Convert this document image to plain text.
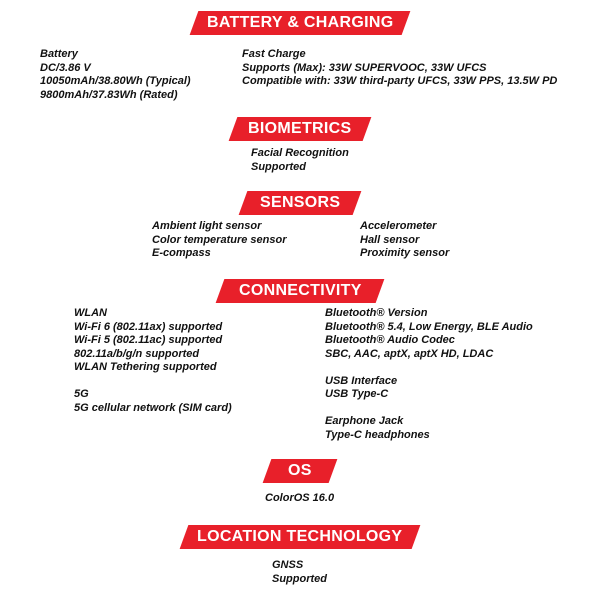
BATTERY & CHARGING
Battery
DC/3.86 V
10050mAh/38.80Wh (Typical)
9800mAh/37.83Wh (Rated)
Fast Charge
Supports (Max): 33W SUPERVOOC, 33W UFCS
Compatible with: 33W third-party UFCS, 33W PPS, 13.5W PD
BIOMETRICS
Facial Recognition
Supported
SENSORS
Ambient light sensor
Color temperature sensor
E-compass
Accelerometer
Hall sensor
Proximity sensor
CONNECTIVITY
WLAN
Wi-Fi 6 (802.11ax) supported
Wi-Fi 5 (802.11ac) supported
802.11a/b/g/n supported
WLAN Tethering supported
5G
5G cellular network (SIM card)
Bluetooth® Version
Bluetooth® 5.4, Low Energy, BLE Audio
Bluetooth® Audio Codec
SBC, AAC, aptX, aptX HD, LDAC
USB Interface
USB Type-C
Earphone Jack
Type-C headphones
OS
ColorOS 16.0
LOCATION TECHNOLOGY
GNSS
Supported
